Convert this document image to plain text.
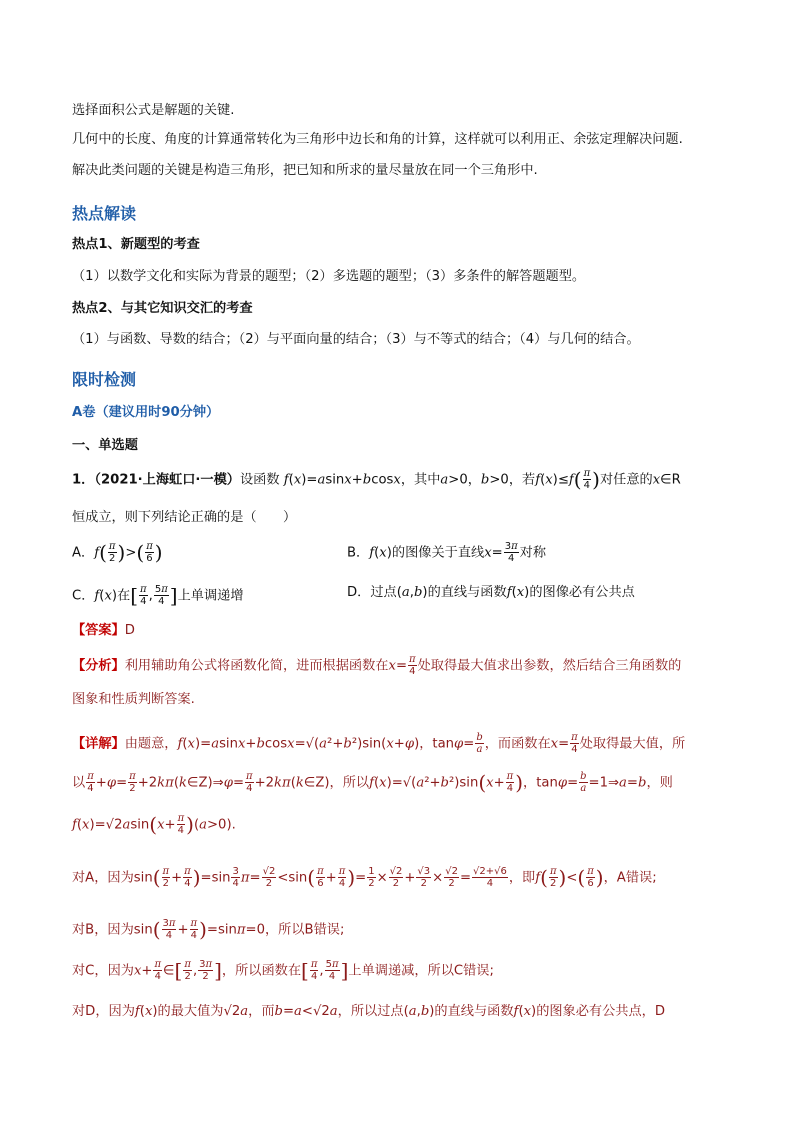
选择面积公式是解题的关键.
几何中的长度、角度的计算通常转化为三角形中边长和角的计算，这样就可以利用正、余弦定理解决问题.
解决此类问题的关键是构造三角形，把已知和所求的量尽量放在同一个三角形中.
热点解读
热点1、新题型的考查
（1）以数学文化和实际为背景的题型；（2）多选题的题型；（3）多条件的解答题题型。
热点2、与其它知识交汇的考查
（1）与函数、导数的结合；（2）与平面向量的结合；（3）与不等式的结合；（4）与几何的结合。
限时检测
A卷（建议用时90分钟）
一、单选题
1．（2021·上海虹口·一模）设函数 f(x)=asinx+bcosx，其中a>0，b>0，若$f(x)\le f( \frac{\pi}{4}$ )对任意的x∈R
恒成立，则下列结论正确的是（　　）
A．$f( \frac{\pi}{2}$ )>( $\frac{\pi}{6}$ )	B．f(x)的图像关于直线$x= \frac{3\pi}{4}$ 对称
C．f(x)在[ $\frac{\pi}{4}$ , $\frac{5\pi}{4}$ ]上单调递增	D．过点(a,b)的直线与函数f(x)的图像必有公共点
【答案】D
【分析】利用辅助角公式将函数化简，进而根据函数在$x= \frac{\pi}{4}$ 处取得最大值求出参数，然后结合三角函数的
图象和性质判断答案.
【详解】由题意，f(x)=asinx+bcosx=√(a²+b²)sin(x+φ)，$\tan\varphi= \frac{b}{a}$ ，而函数在$x= \frac{\pi}{4}$ 处取得最大值，所
以 $\frac{\pi}{4} +\varphi= \frac{\pi}{2}$ +2kπ(k∈Z)⇒φ= $\frac{\pi}{4}$ +2kπ(k∈Z)，所以$f(x)=√(a^2+b^2)\sin(x+ \frac{\pi}{4}$ )，$\tan\varphi= \frac{b}{a}$ =1⇒a=b，则
$f(x)=√2asin(x+ \frac{\pi}{4} )(a>0)$.
对A，因为$\sin( \frac{\pi}{2} + \frac{\pi}{4} )=\sin \frac{3}{4} \pi= \frac{√2}{2} <\sin( \frac{\pi}{6} + \frac{\pi}{4}$ )= $\frac{1}{2} \times \frac{√2}{2} + \frac{√3}{2} \times \frac{√2}{2} = \frac{√2+√6}{4}$ ，即$f( \frac{\pi}{2}$ )<( $\frac{\pi}{6}$ )，A错误;
对B，因为$\sin( \frac{3\pi}{4} + \frac{\pi}{4} )=\sin\pi=0$，所以B错误;
对C，因为$x+ \frac{\pi}{4}$ ∈[ $\frac{\pi}{2}$ , $\frac{3\pi}{2}$ ]，所以函数在[ $\frac{\pi}{4}$ , $\frac{5\pi}{4}$ ]上单调递减，所以C错误;
对D，因为f(x)的最大值为√2a，而b=a<√2a，所以过点(a,b)的直线与函数f(x)的图象必有公共点，D
